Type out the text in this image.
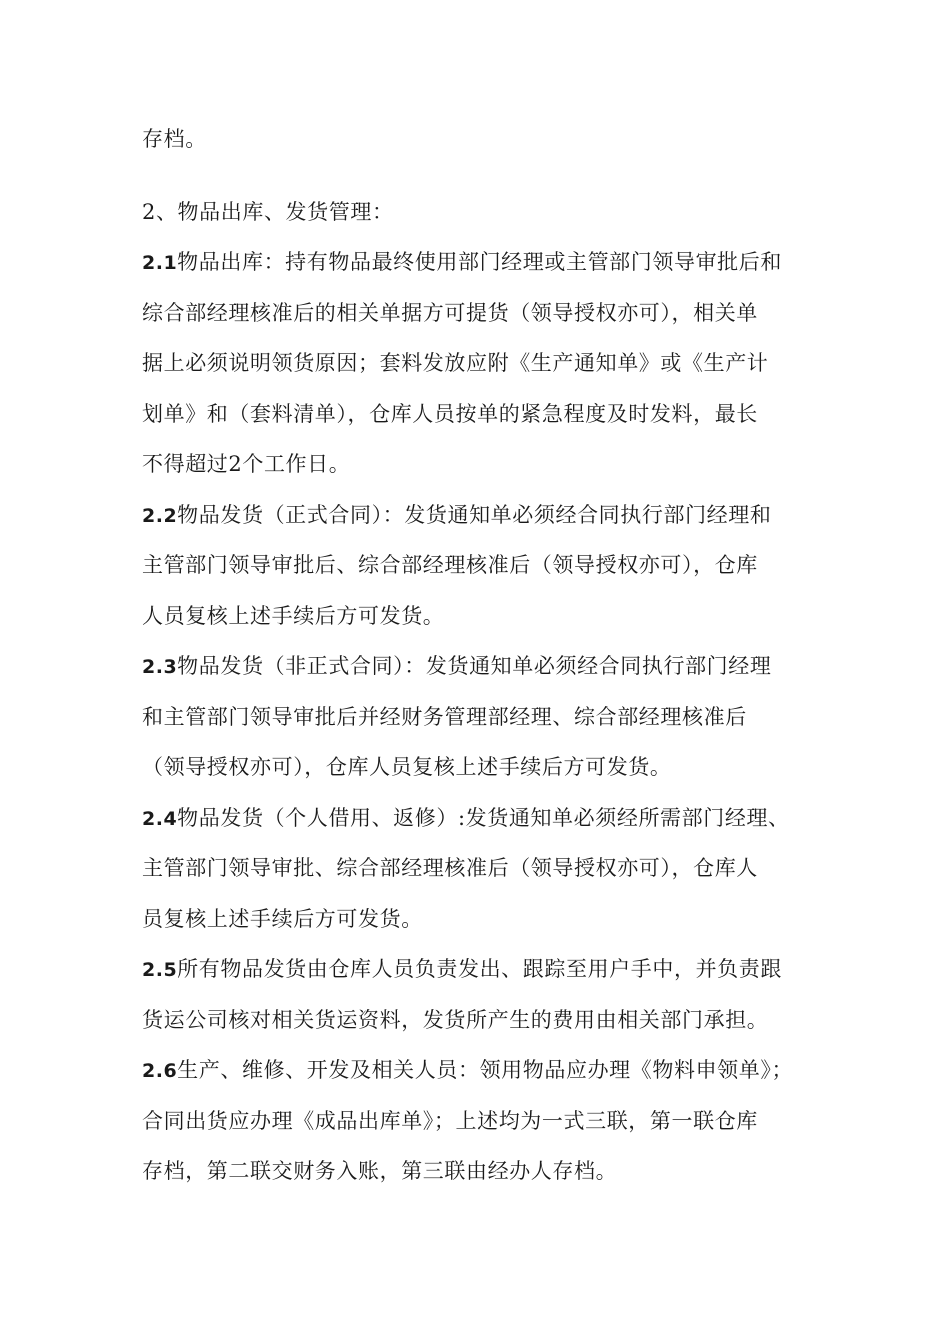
存档。
2、物品出库、发货管理：
2.1物品出库：持有物品最终使用部门经理或主管部门领导审批后和
综合部经理核准后的相关单据方可提货（领导授权亦可），相关单
据上必须说明领货原因；套料发放应附《生产通知单》或《生产计
划单》和（套料清单），仓库人员按单的紧急程度及时发料，最长
不得超过2个工作日。
2.2物品发货（正式合同）：发货通知单必须经合同执行部门经理和
主管部门领导审批后、综合部经理核准后（领导授权亦可），仓库
人员复核上述手续后方可发货。
2.3物品发货（非正式合同）：发货通知单必须经合同执行部门经理
和主管部门领导审批后并经财务管理部经理、综合部经理核准后
（领导授权亦可），仓库人员复核上述手续后方可发货。
2.4物品发货（个人借用、返修）:发货通知单必须经所需部门经理、
主管部门领导审批、综合部经理核准后（领导授权亦可），仓库人
员复核上述手续后方可发货。
2.5所有物品发货由仓库人员负责发出、跟踪至用户手中，并负责跟
货运公司核对相关货运资料，发货所产生的费用由相关部门承担。
2.6生产、维修、开发及相关人员：领用物品应办理《物料申领单》；
合同出货应办理《成品出库单》；上述均为一式三联，第一联仓库
存档，第二联交财务入账，第三联由经办人存档。
